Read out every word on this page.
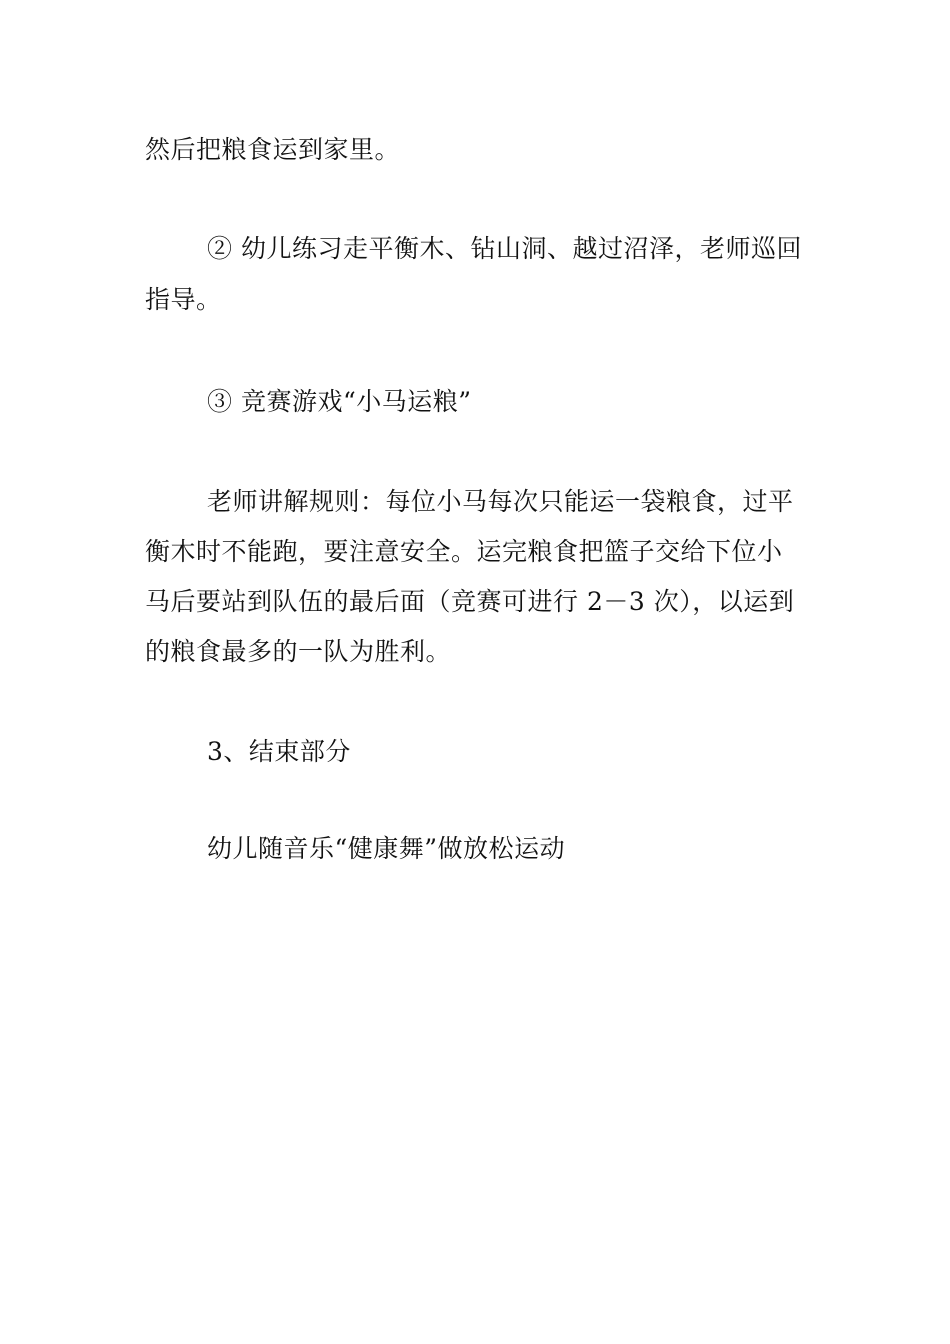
然后把粮食运到家里。
② 幼儿练习走平衡木、钻山洞、越过沼泽，老师巡回
指导。
③ 竞赛游戏“小马运粮”
老师讲解规则：每位小马每次只能运一袋粮食，过平
衡木时不能跑，要注意安全。运完粮食把篮子交给下位小
马后要站到队伍的最后面（竞赛可进行 2－3 次），以运到
的粮食最多的一队为胜利。
3、结束部分
幼儿随音乐“健康舞”做放松运动
